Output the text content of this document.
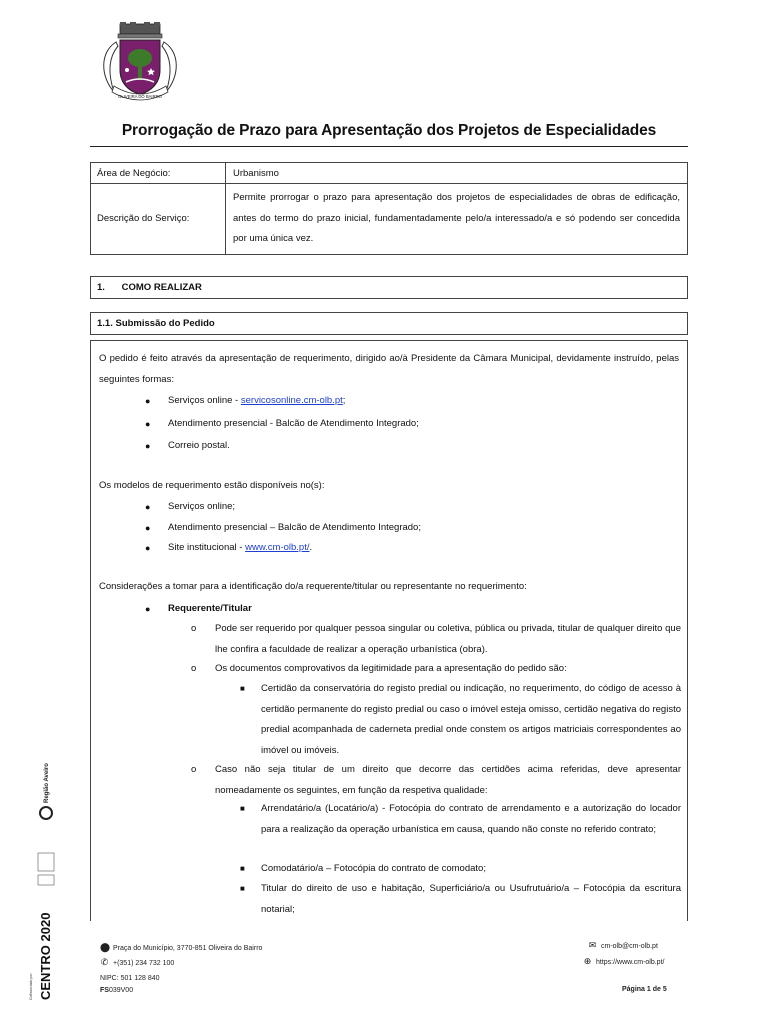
OLIVEIRA DO BAIRRO
Prorrogação de Prazo para Apresentação dos Projetos de Especialidades
Área de Negócio:	Urbanismo
Descrição do Serviço:	Permite prorrogar o prazo para apresentação dos projetos de especialidades de obras de edificação, antes do termo do prazo inicial, fundamentadamente pelo/a interessado/a e só podendo ser concedida por uma única vez.
1. COMO REALIZAR
1.1. Submissão do Pedido
O pedido é feito através da apresentação de requerimento, dirigido ao/à Presidente da Câmara Municipal, devidamente instruído, pelas seguintes formas:
● Serviços online - servicosonline.cm-olb.pt;
● Atendimento presencial - Balcão de Atendimento Integrado;
● Correio postal.
Os modelos de requerimento estão disponíveis no(s):
● Serviços online;
● Atendimento presencial – Balcão de Atendimento Integrado;
● Site institucional - www.cm-olb.pt/.
Considerações a tomar para a identificação do/a requerente/titular ou representante no requerimento:
● Requerente/Titular
o Pode ser requerido por qualquer pessoa singular ou coletiva, pública ou privada, titular de qualquer direito que lhe confira a faculdade de realizar a operação urbanística (obra).
o Os documentos comprovativos da legitimidade para a apresentação do pedido são:
■ Certidão da conservatória do registo predial ou indicação, no requerimento, do código de acesso à certidão permanente do registo predial ou caso o imóvel esteja omisso, certidão negativa do registo predial acompanhada de caderneta predial onde constem os artigos matriciais correspondentes ao imóvel ou imóveis.
o Caso não seja titular de um direito que decorre das certidões acima referidas, deve apresentar nomeadamente os seguintes, em função da respetiva qualidade:
■ Arrendatário/a (Locatário/a) - Fotocópia do contrato de arrendamento e a autorização do locador para a realização da operação urbanística em causa, quando não conste no referido contrato;
■ Comodatário/a – Fotocópia do contrato de comodato;
■ Titular do direito de uso e habitação, Superficiário/a ou Usufrutuário/a – Fotocópia da escritura notarial;
Região Aveiro
CENTRO 2020
Cofinanciado por:
⬤ Praça do Município, 3770-851 Oliveira do Bairro
✆ +(351) 234 732 100
NIPC: 501 128 840
FS039V00
✉ cm-olb@cm-olb.pt
⊕ https://www.cm-olb.pt/
Página 1 de 5
